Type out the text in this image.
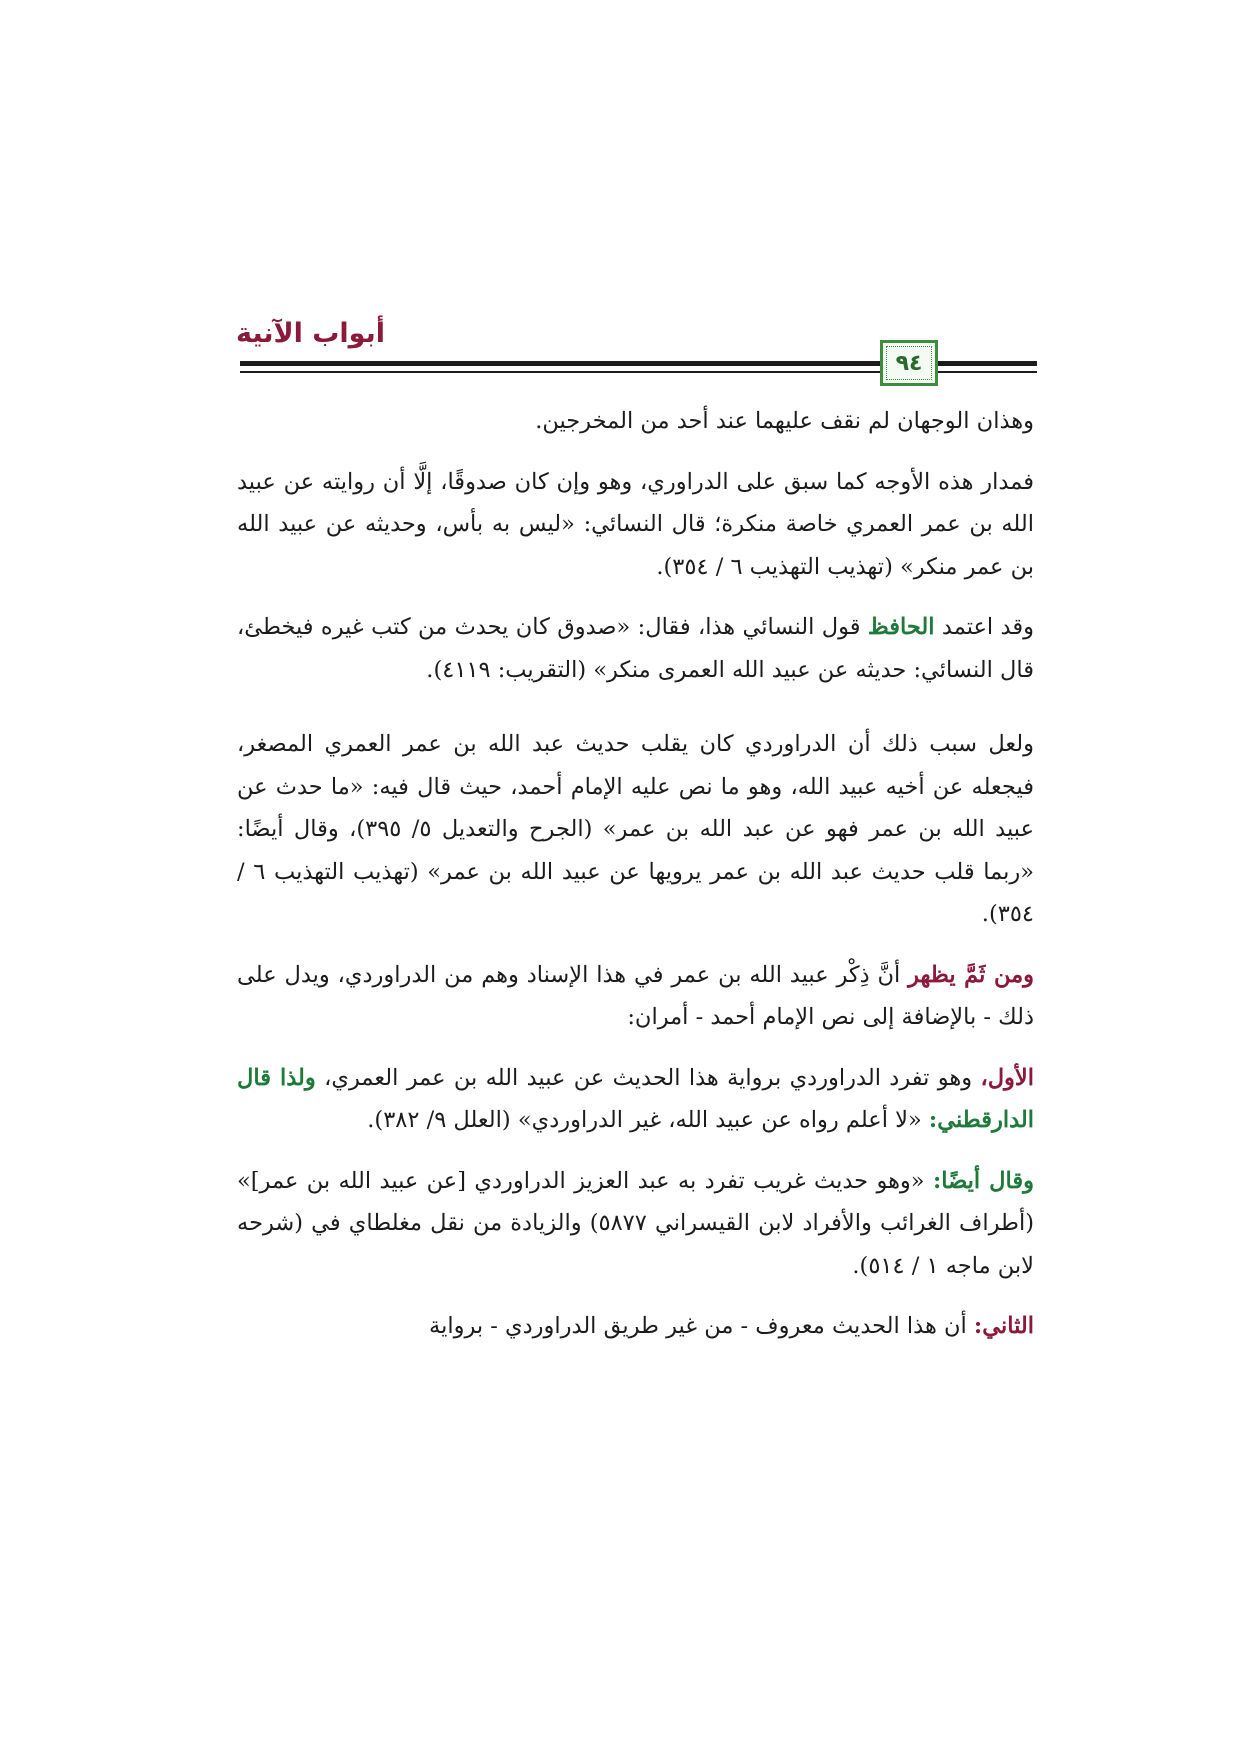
أبواب الآنية
٩٤

وهذان الوجهان لم نقف عليهما عند أحد من المخرجين.

فمدار هذه الأوجه كما سبق على الدراوري، وهو وإن كان صدوقًا، إلَّا أن روايته عن عبيد الله بن عمر العمري خاصة منكرة؛ قال النسائي: «ليس به بأس، وحديثه عن عبيد الله بن عمر منكر» (تهذيب التهذيب ٦ / ٣٥٤).

وقد اعتمد الحافظ قول النسائي هذا، فقال: «صدوق كان يحدث من كتب غيره فيخطئ، قال النسائي: حديثه عن عبيد الله العمرى منكر» (التقريب: ٤١١٩).

ولعل سبب ذلك أن الدراوردي كان يقلب حديث عبد الله بن عمر العمري المصغر، فيجعله عن أخيه عبيد الله، وهو ما نص عليه الإمام أحمد، حيث قال فيه: «ما حدث عن عبيد الله بن عمر فهو عن عبد الله بن عمر» (الجرح والتعديل ٥/ ٣٩٥)، وقال أيضًا: «ربما قلب حديث عبد الله بن عمر يرويها عن عبيد الله بن عمر» (تهذيب التهذيب ٦ / ٣٥٤).

ومن ثَمَّ يظهر أنَّ ذِكْر عبيد الله بن عمر في هذا الإسناد وهم من الدراوردي، ويدل على ذلك - بالإضافة إلى نص الإمام أحمد - أمران:

الأول، وهو تفرد الدراوردي برواية هذا الحديث عن عبيد الله بن عمر العمري، ولذا قال الدارقطني: «لا أعلم رواه عن عبيد الله، غير الدراوردي» (العلل ٩/ ٣٨٢).

وقال أيضًا: «وهو حديث غريب تفرد به عبد العزيز الدراوردي [عن عبيد الله بن عمر]» (أطراف الغرائب والأفراد لابن القيسراني ٥٨٧٧) والزيادة من نقل مغلطاي في (شرحه لابن ماجه ١ / ٥١٤).

الثاني: أن هذا الحديث معروف - من غير طريق الدراوردي - برواية
